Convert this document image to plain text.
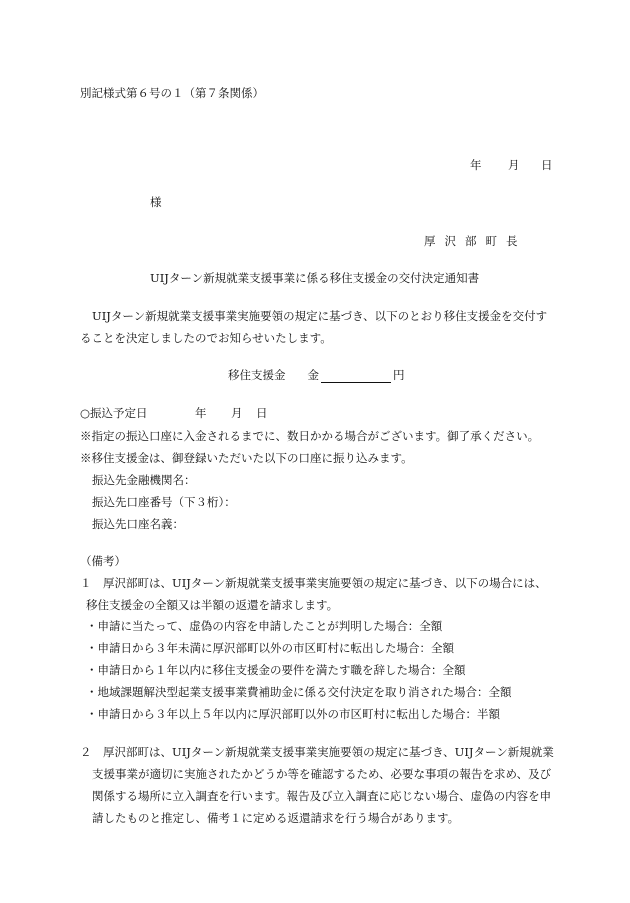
別記様式第６号の１（第７条関係）
年 月 日
様
厚沢部町長
UIJターン新規就業支援事業に係る移住支援金の交付決定通知書
UIJターン新規就業支援事業実施要領の規定に基づき、以下のとおり移住支援金を交付することを決定しましたのでお知らせいたします。
移住支援金 金	円
○振込予定日	年 月 日
※指定の振込口座に入金されるまでに、数日かかる場合がございます。御了承ください。
※移住支援金は、御登録いただいた以下の口座に振り込みます。
振込先金融機関名：
振込先口座番号（下３桁）：
振込先口座名義：
（備考）
１　厚沢部町は、UIJターン新規就業支援事業実施要領の規定に基づき、以下の場合には、
移住支援金の全額又は半額の返還を請求します。
・申請に当たって、虚偽の内容を申請したことが判明した場合：全額
・申請日から３年未満に厚沢部町以外の市区町村に転出した場合：全額
・申請日から１年以内に移住支援金の要件を満たす職を辞した場合：全額
・地域課題解決型起業支援事業費補助金に係る交付決定を取り消された場合：全額
・申請日から３年以上５年以内に厚沢部町以外の市区町村に転出した場合：半額
２　厚沢部町は、UIJターン新規就業支援事業実施要領の規定に基づき、UIJターン新規就業
支援事業が適切に実施されたかどうか等を確認するため、必要な事項の報告を求め、及び
関係する場所に立入調査を行います。報告及び立入調査に応じない場合、虚偽の内容を申
請したものと推定し、備考１に定める返還請求を行う場合があります。
